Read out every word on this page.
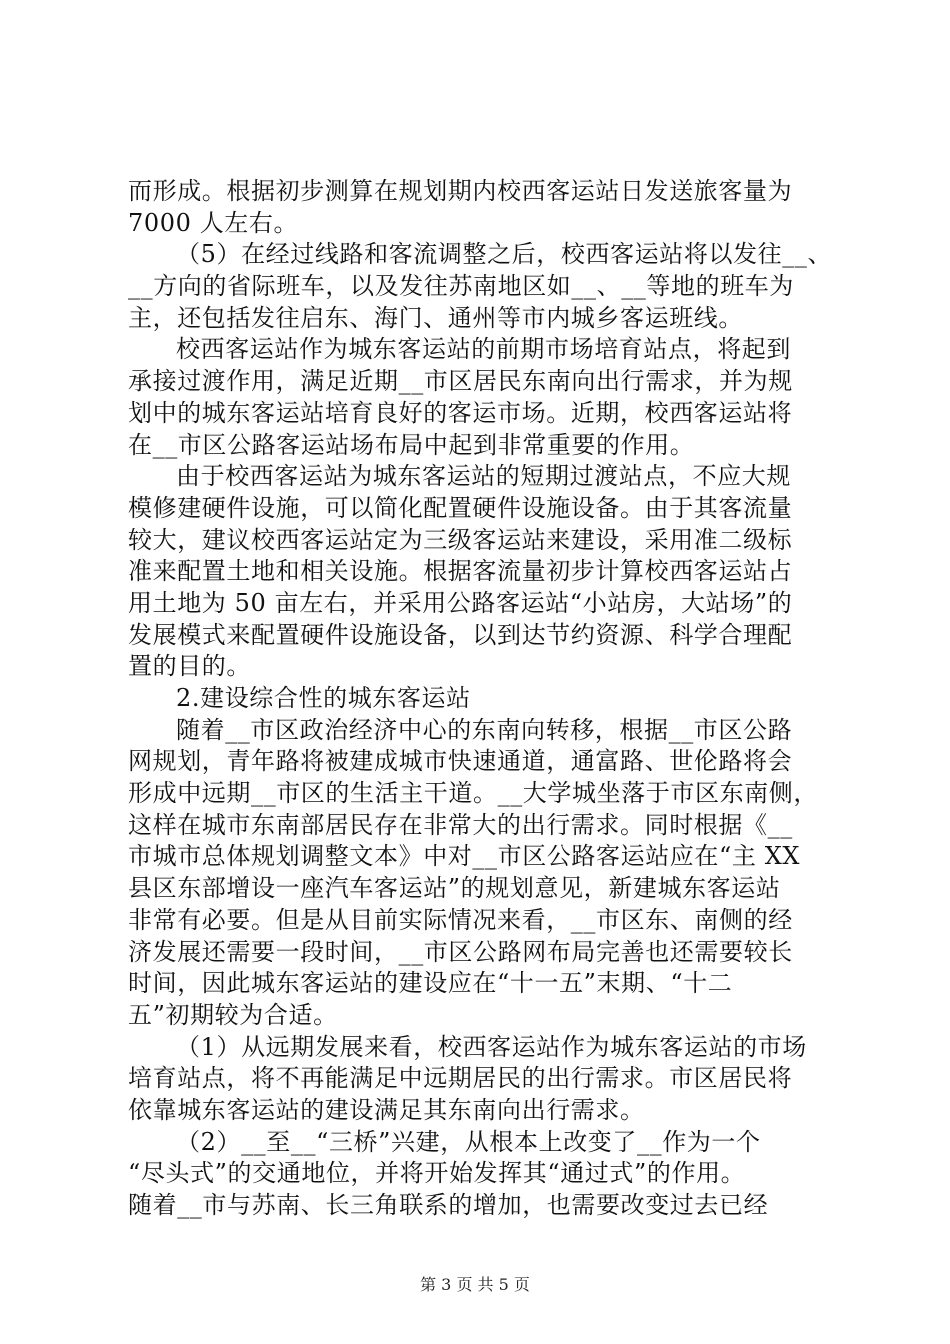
而形成。根据初步测算在规划期内校西客运站日发送旅客量为
7000 人左右。
（5）在经过线路和客流调整之后，校西客运站将以发往__、
__方向的省际班车，以及发往苏南地区如__、__等地的班车为
主，还包括发往启东、海门、通州等市内城乡客运班线。
校西客运站作为城东客运站的前期市场培育站点，将起到
承接过渡作用，满足近期__市区居民东南向出行需求，并为规
划中的城东客运站培育良好的客运市场。近期，校西客运站将
在__市区公路客运站场布局中起到非常重要的作用。
由于校西客运站为城东客运站的短期过渡站点，不应大规
模修建硬件设施，可以简化配置硬件设施设备。由于其客流量
较大，建议校西客运站定为三级客运站来建设，采用准二级标
准来配置土地和相关设施。根据客流量初步计算校西客运站占
用土地为 50 亩左右，并采用公路客运站“小站房，大站场”的
发展模式来配置硬件设施设备，以到达节约资源、科学合理配
置的目的。
2.建设综合性的城东客运站
随着__市区政治经济中心的东南向转移，根据__市区公路
网规划，青年路将被建成城市快速通道，通富路、世伦路将会
形成中远期__市区的生活主干道。__大学城坐落于市区东南侧，
这样在城市东南部居民存在非常大的出行需求。同时根据《__
市城市总体规划调整文本》中对__市区公路客运站应在“主 XX
县区东部增设一座汽车客运站”的规划意见，新建城东客运站
非常有必要。但是从目前实际情况来看，__市区东、南侧的经
济发展还需要一段时间，__市区公路网布局完善也还需要较长
时间，因此城东客运站的建设应在“十一五”末期、“十二
五”初期较为合适。
（1）从远期发展来看，校西客运站作为城东客运站的市场
培育站点，将不再能满足中远期居民的出行需求。市区居民将
依靠城东客运站的建设满足其东南向出行需求。
（2）__至__“三桥”兴建，从根本上改变了__作为一个
“尽头式”的交通地位，并将开始发挥其“通过式”的作用。
随着__市与苏南、长三角联系的增加，也需要改变过去已经
第 3 页 共 5 页
